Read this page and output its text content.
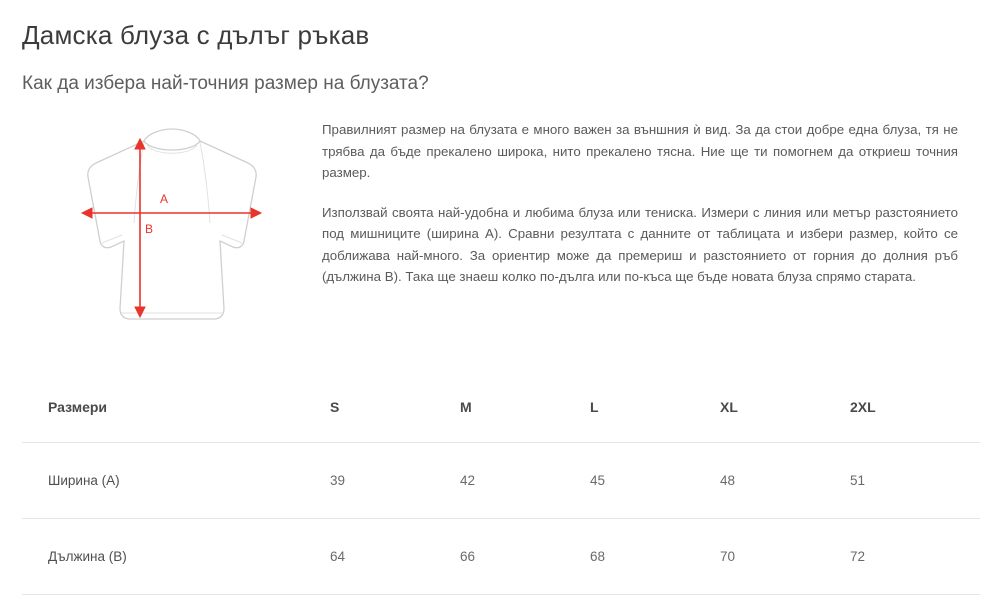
Дамска блуза с дълъг ръкав
Как да избера най-точния размер на блузата?
A
B

Правилният размер на блузата е много важен за външния ѝ вид. За да стои добре една блуза, тя не трябва да бъде прекалено широка, нито прекалено тясна. Ние ще ти помогнем да откриеш точния размер.

Използвай своята най-удобна и любима блуза или тениска. Измери с линия или метър разстоянието под мишниците (ширина A). Сравни резултата с данните от таблицата и избери размер, който се доближава най-много. За ориентир може да премериш и разстоянието от горния до долния ръб (дължина B). Така ще знаеш колко по-дълга или по-къса ще бъде новата блуза спрямо старата.

Размери	S	M	L	XL	2XL
Ширина (A)	39	42	45	48	51
Дължина (B)	64	66	68	70	72
